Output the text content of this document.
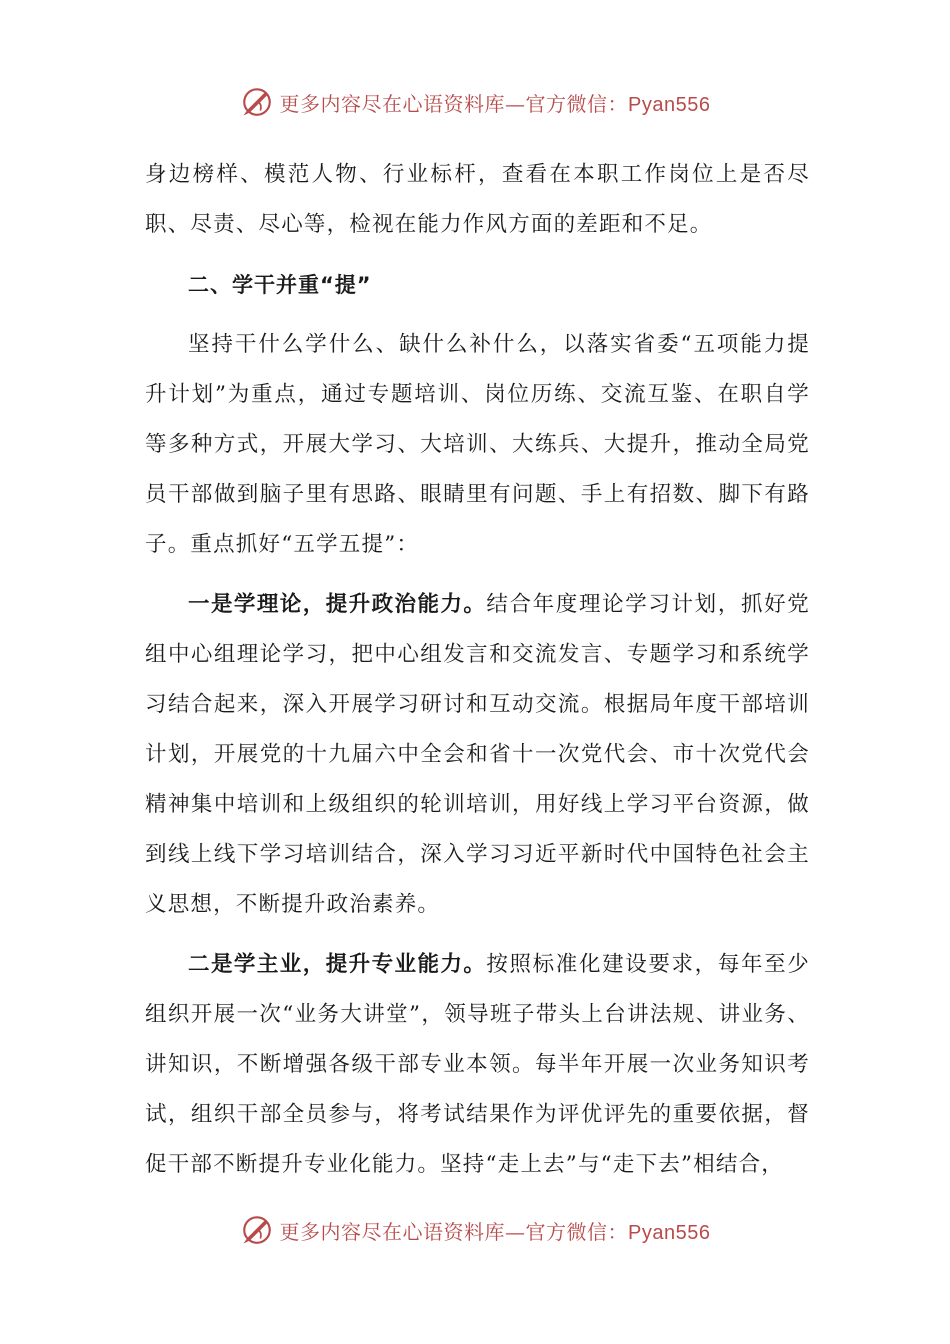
更多内容尽在心语资料库—官方微信：Pyan556

身边榜样、模范人物、行业标杆，查看在本职工作岗位上是否尽职、尽责、尽心等，检视在能力作风方面的差距和不足。

二、学干并重“提”

坚持干什么学什么、缺什么补什么，以落实省委“五项能力提升计划”为重点，通过专题培训、岗位历练、交流互鉴、在职自学等多种方式，开展大学习、大培训、大练兵、大提升，推动全局党员干部做到脑子里有思路、眼睛里有问题、手上有招数、脚下有路子。重点抓好“五学五提”：

一是学理论，提升政治能力。结合年度理论学习计划，抓好党组中心组理论学习，把中心组发言和交流发言、专题学习和系统学习结合起来，深入开展学习研讨和互动交流。根据局年度干部培训计划，开展党的十九届六中全会和省十一次党代会、市十次党代会精神集中培训和上级组织的轮训培训，用好线上学习平台资源，做到线上线下学习培训结合，深入学习习近平新时代中国特色社会主义思想，不断提升政治素养。

二是学主业，提升专业能力。按照标准化建设要求，每年至少组织开展一次“业务大讲堂”，领导班子带头上台讲法规、讲业务、讲知识，不断增强各级干部专业本领。每半年开展一次业务知识考试，组织干部全员参与，将考试结果作为评优评先的重要依据，督促干部不断提升专业化能力。坚持“走上去”与“走下去”相结合，

更多内容尽在心语资料库—官方微信：Pyan556
